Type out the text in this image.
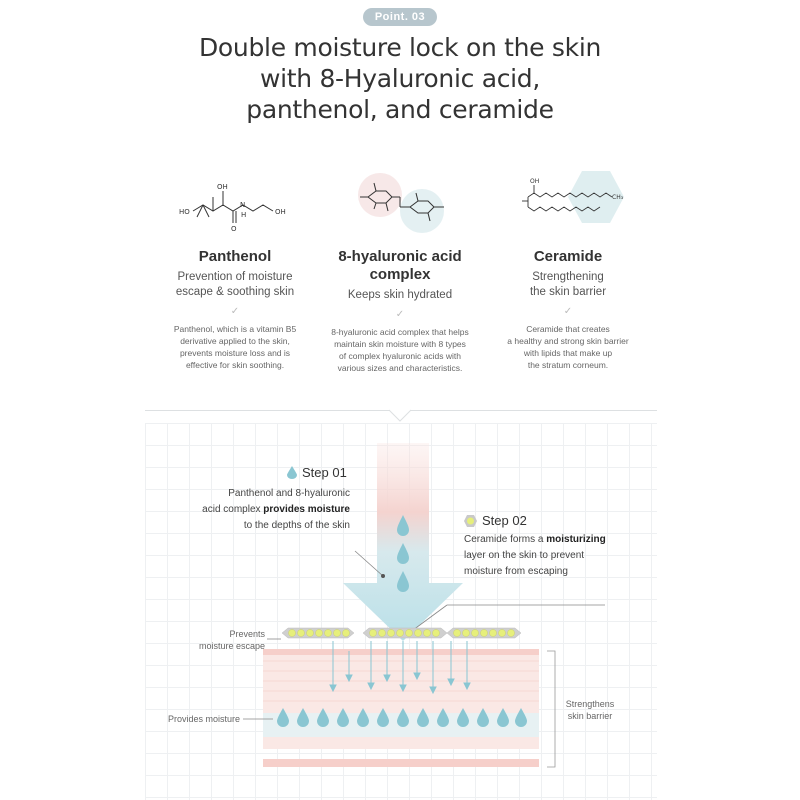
Point. 03
Double moisture lock on the skin
with 8-Hyaluronic acid,
panthenol, and ceramide
HO
OH
O
N
H	OH
Panthenol
Prevention of moisture
escape & soothing skin
✓
Panthenol, which is a vitamin B5
derivative applied to the skin,
prevents moisture loss and is
effective for skin soothing.
8-hyaluronic acid
complex
Keeps skin hydrated
✓
8-hyaluronic acid complex that helps
maintain skin moisture with 8 types
of complex hyaluronic acids with
various sizes and characteristics.
OH
CH₃
Ceramide
Strengthening
the skin barrier
✓
Ceramide that creates
a healthy and strong skin barrier
with lipids that make up
the stratum corneum.
Step 01
Panthenol and 8-hyaluronic
acid complex provides moisture
to the depths of the skin	Step 02
Ceramide forms a moisturizing
layer on the skin to prevent
moisture from escaping
Prevents
moisture escape
Provides moisture
Strengthens
skin barrier
